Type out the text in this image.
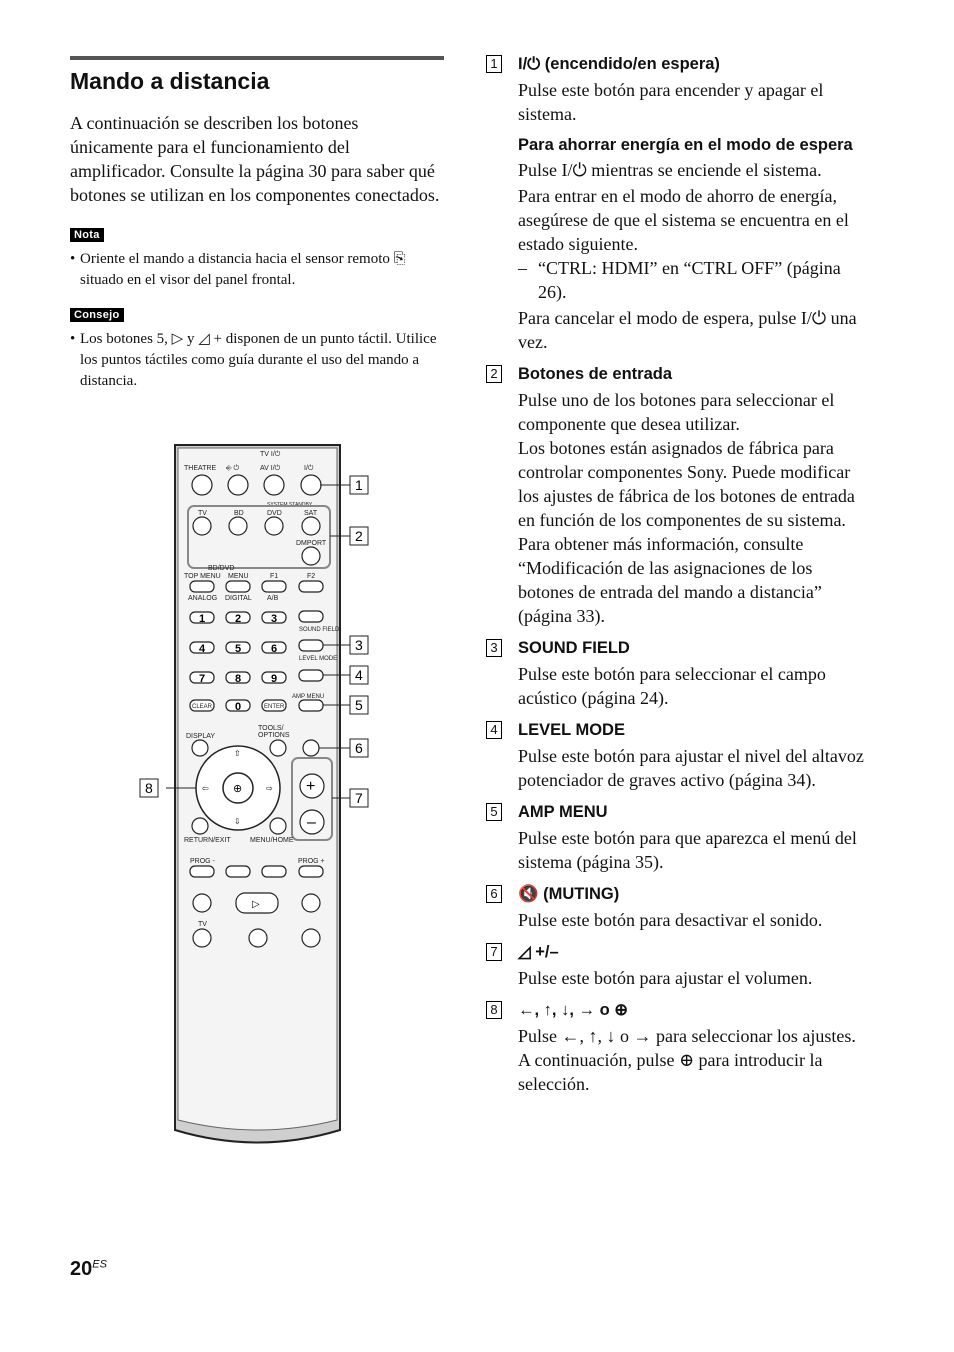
Mando a distancia
A continuación se describen los botones únicamente para el funcionamiento del amplificador. Consulte la página 30 para saber qué botones se utilizan en los componentes conectados.
Nota
• Oriente el mando a distancia hacia el sensor remoto ⎘ situado en el visor del panel frontal.
Consejo
• Los botones 5, ▷ y ◿ + disponen de un punto táctil. Utilice los puntos táctiles como guía durante el uso del mando a distancia.
THEATRE
TV I/⏻
AV I/⏻	I/⏻
⎆ ⏻
SYSTEM STANDBY
TV	BD	DVD	SAT
DMPORT
BD/DVD
TOP MENU MENU	F1	F2
ANALOG DIGITAL A/B
1	2	3
4	5	6
7	8	9
0
SOUND FIELD
LEVEL MODE
AMP MENU
CLEAR	ENTER
DISPLAY
TOOLS/
OPTIONS
⊕
⇧
⇩
⇦	⇨ +
–
RETURN/EXIT	MENU/HOME
PROG -	PROG +
▷
TV
1
2
3
4
5
6
7
8
1 I/⏻ (encendido/en espera)
Pulse este botón para encender y apagar el sistema.
Para ahorrar energía en el modo de espera
Pulse I/⏻ mientras se enciende el sistema.
Para entrar en el modo de ahorro de energía, asegúrese de que el sistema se encuentra en el estado siguiente.
– “CTRL: HDMI” en “CTRL OFF” (página 26).
Para cancelar el modo de espera, pulse I/⏻ una vez.
2 Botones de entrada
Pulse uno de los botones para seleccionar el componente que desea utilizar.
Los botones están asignados de fábrica para controlar componentes Sony. Puede modificar los ajustes de fábrica de los botones de entrada en función de los componentes de su sistema. Para obtener más información, consulte “Modificación de las asignaciones de los botones de entrada del mando a distancia” (página 33).
3 SOUND FIELD
Pulse este botón para seleccionar el campo acústico (página 24).
4 LEVEL MODE
Pulse este botón para ajustar el nivel del altavoz potenciador de graves activo (página 34).
5 AMP MENU
Pulse este botón para que aparezca el menú del sistema (página 35).
6 🔇 (MUTING)
Pulse este botón para desactivar el sonido.
7 ◿ +/–
Pulse este botón para ajustar el volumen.
8 ←, ↑, ↓, → o ⊕
Pulse ←, ↑, ↓ o → para seleccionar los ajustes. A continuación, pulse ⊕ para introducir la selección.
$20^{ES}$
